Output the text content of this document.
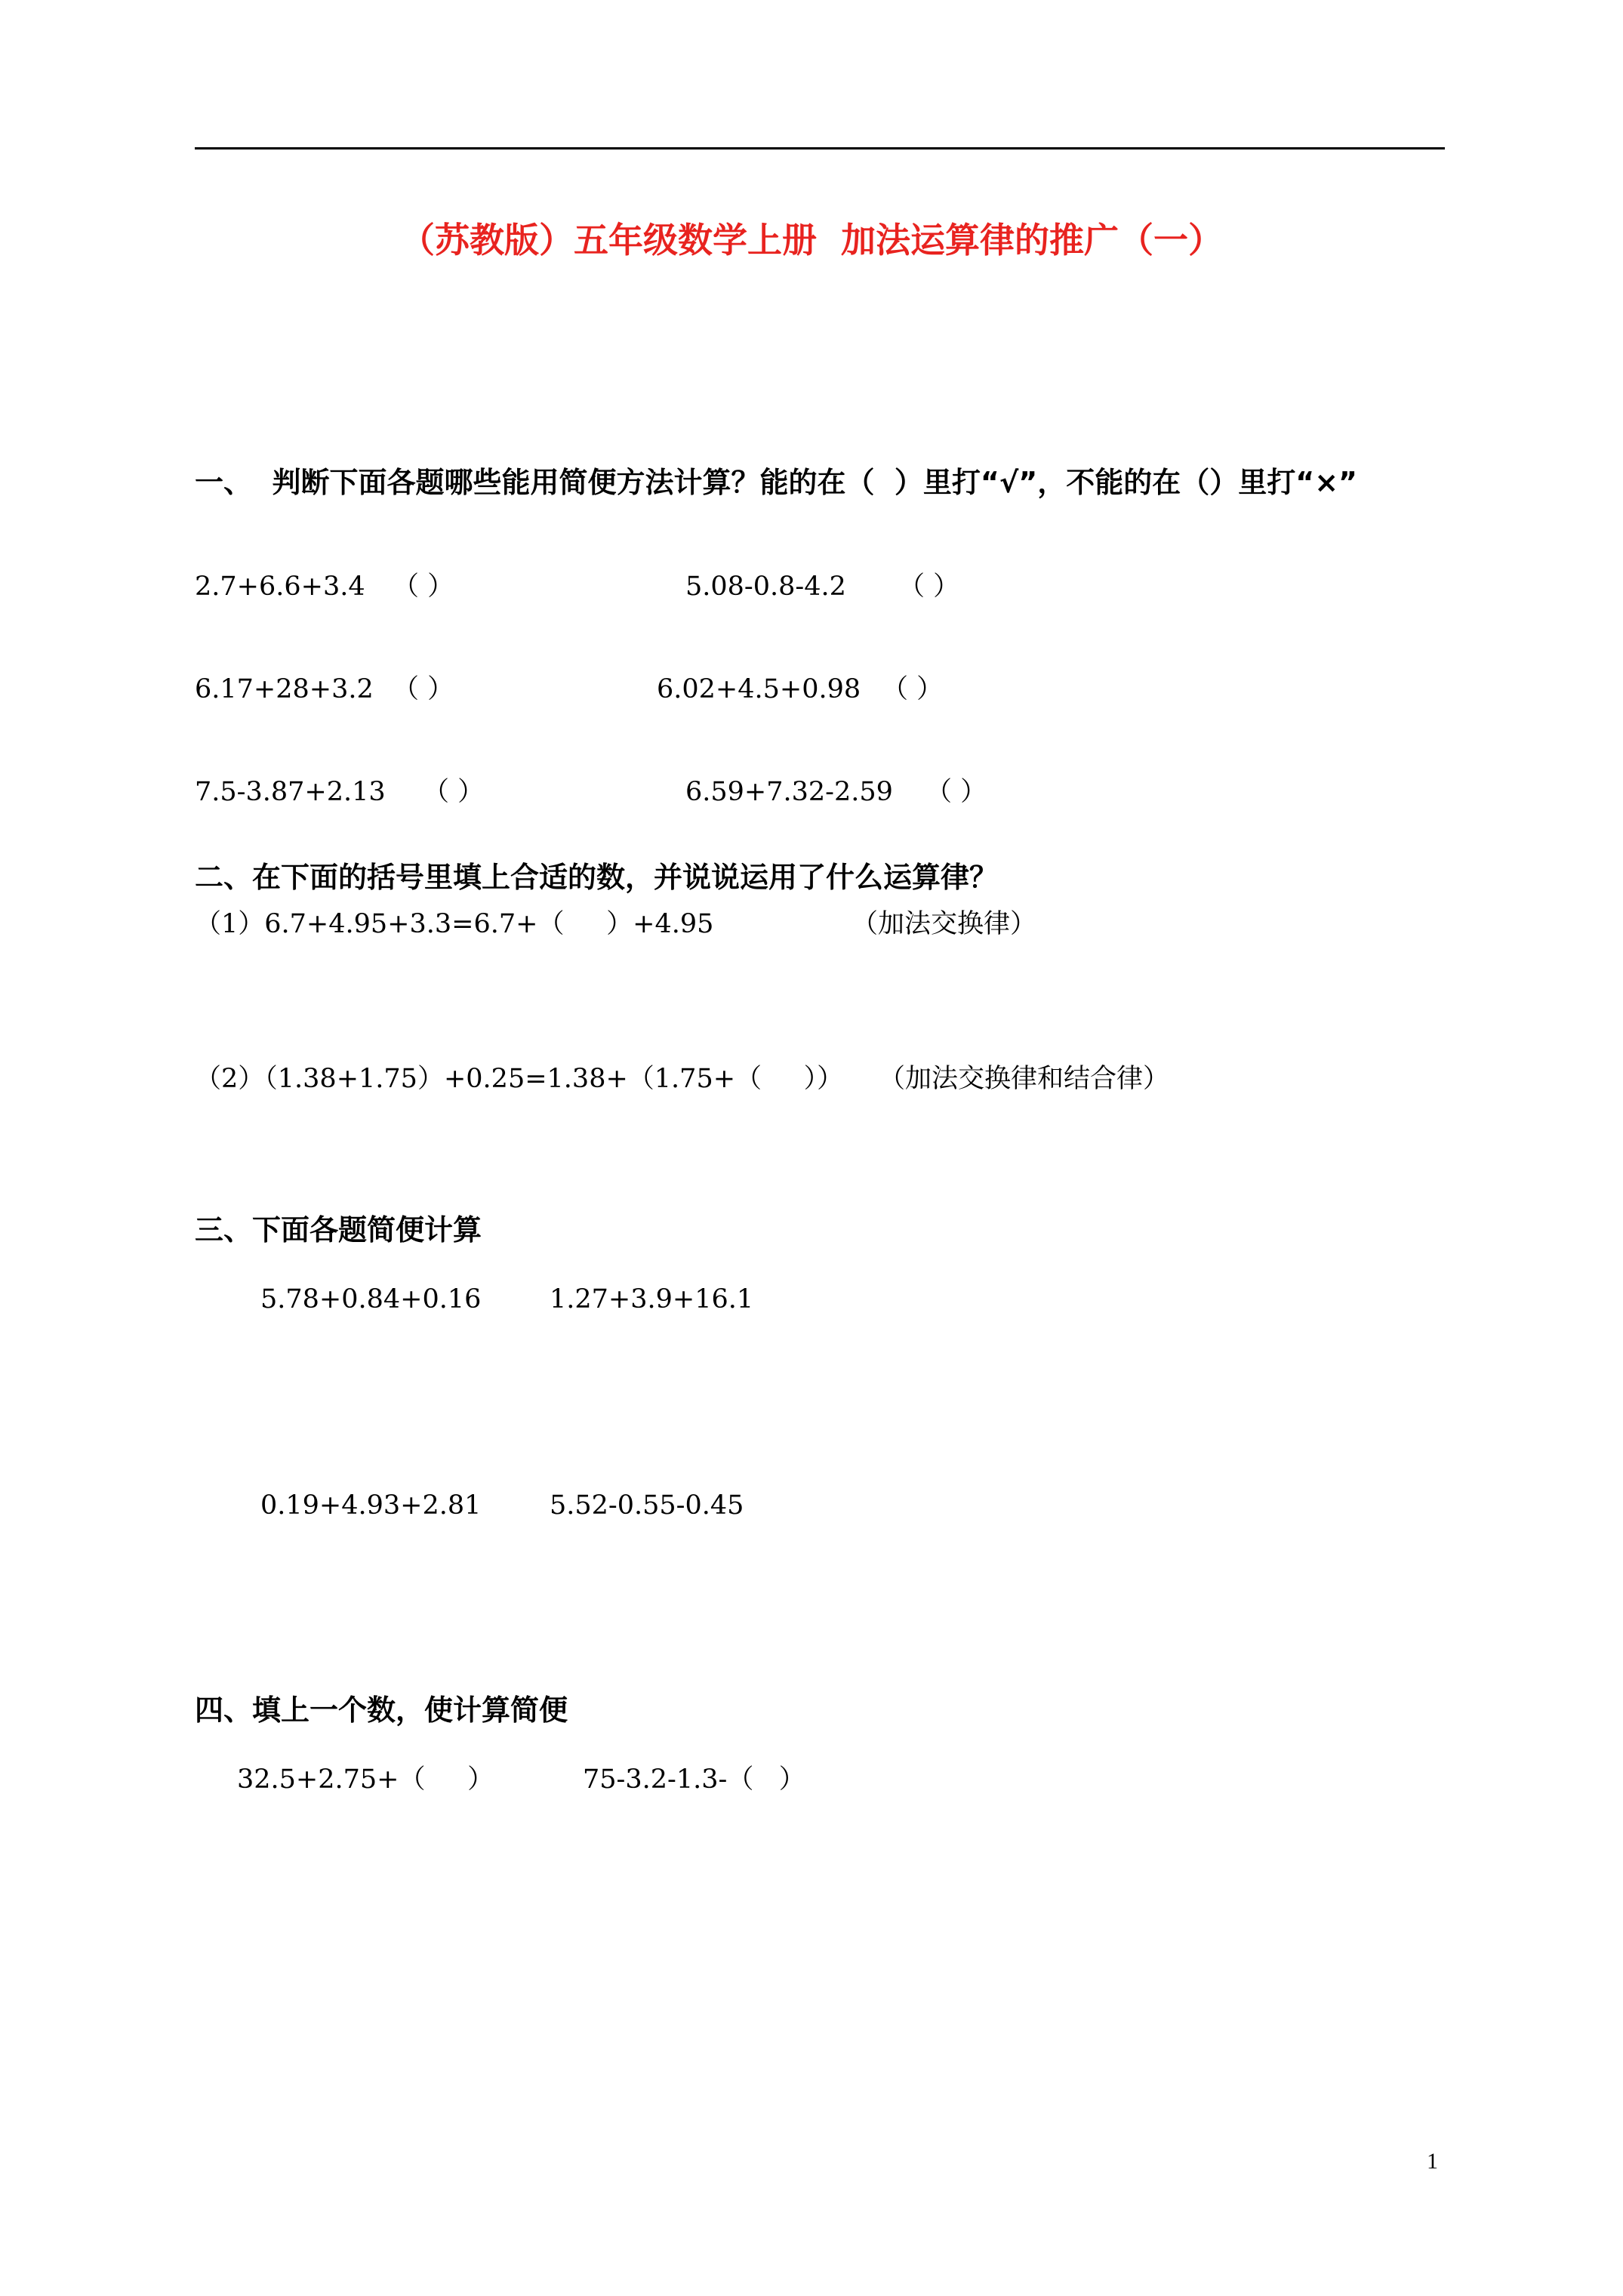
（苏教版）五年级数学上册  加法运算律的推广（一）
一、  判断下面各题哪些能用简便方法计算？能的在（  ）里打“√”，不能的在（）里打“×”
2.7+6.6+3.4 （ ）	5.08-0.8-4.2 （ ）
6.17+28+3.2 （ ）	6.02+4.5+0.98 （ ）
7.5-3.87+2.13 （ ）	6.59+7.32-2.59 （ ）
二、在下面的括号里填上合适的数，并说说运用了什么运算律？
（1）6.7+4.95+3.3=6.7+（     ）+4.95	（加法交换律）
（2）（1.38+1.75）+0.25=1.38+（1.75+（     ）） （加法交换律和结合律）
三、下面各题简便计算
5.78+0.84+0.16	1.27+3.9+16.1
0.19+4.93+2.81	5.52-0.55-0.45
四、填上一个数，使计算简便
32.5+2.75+（     ）	75-3.2-1.3-（   ）
1
